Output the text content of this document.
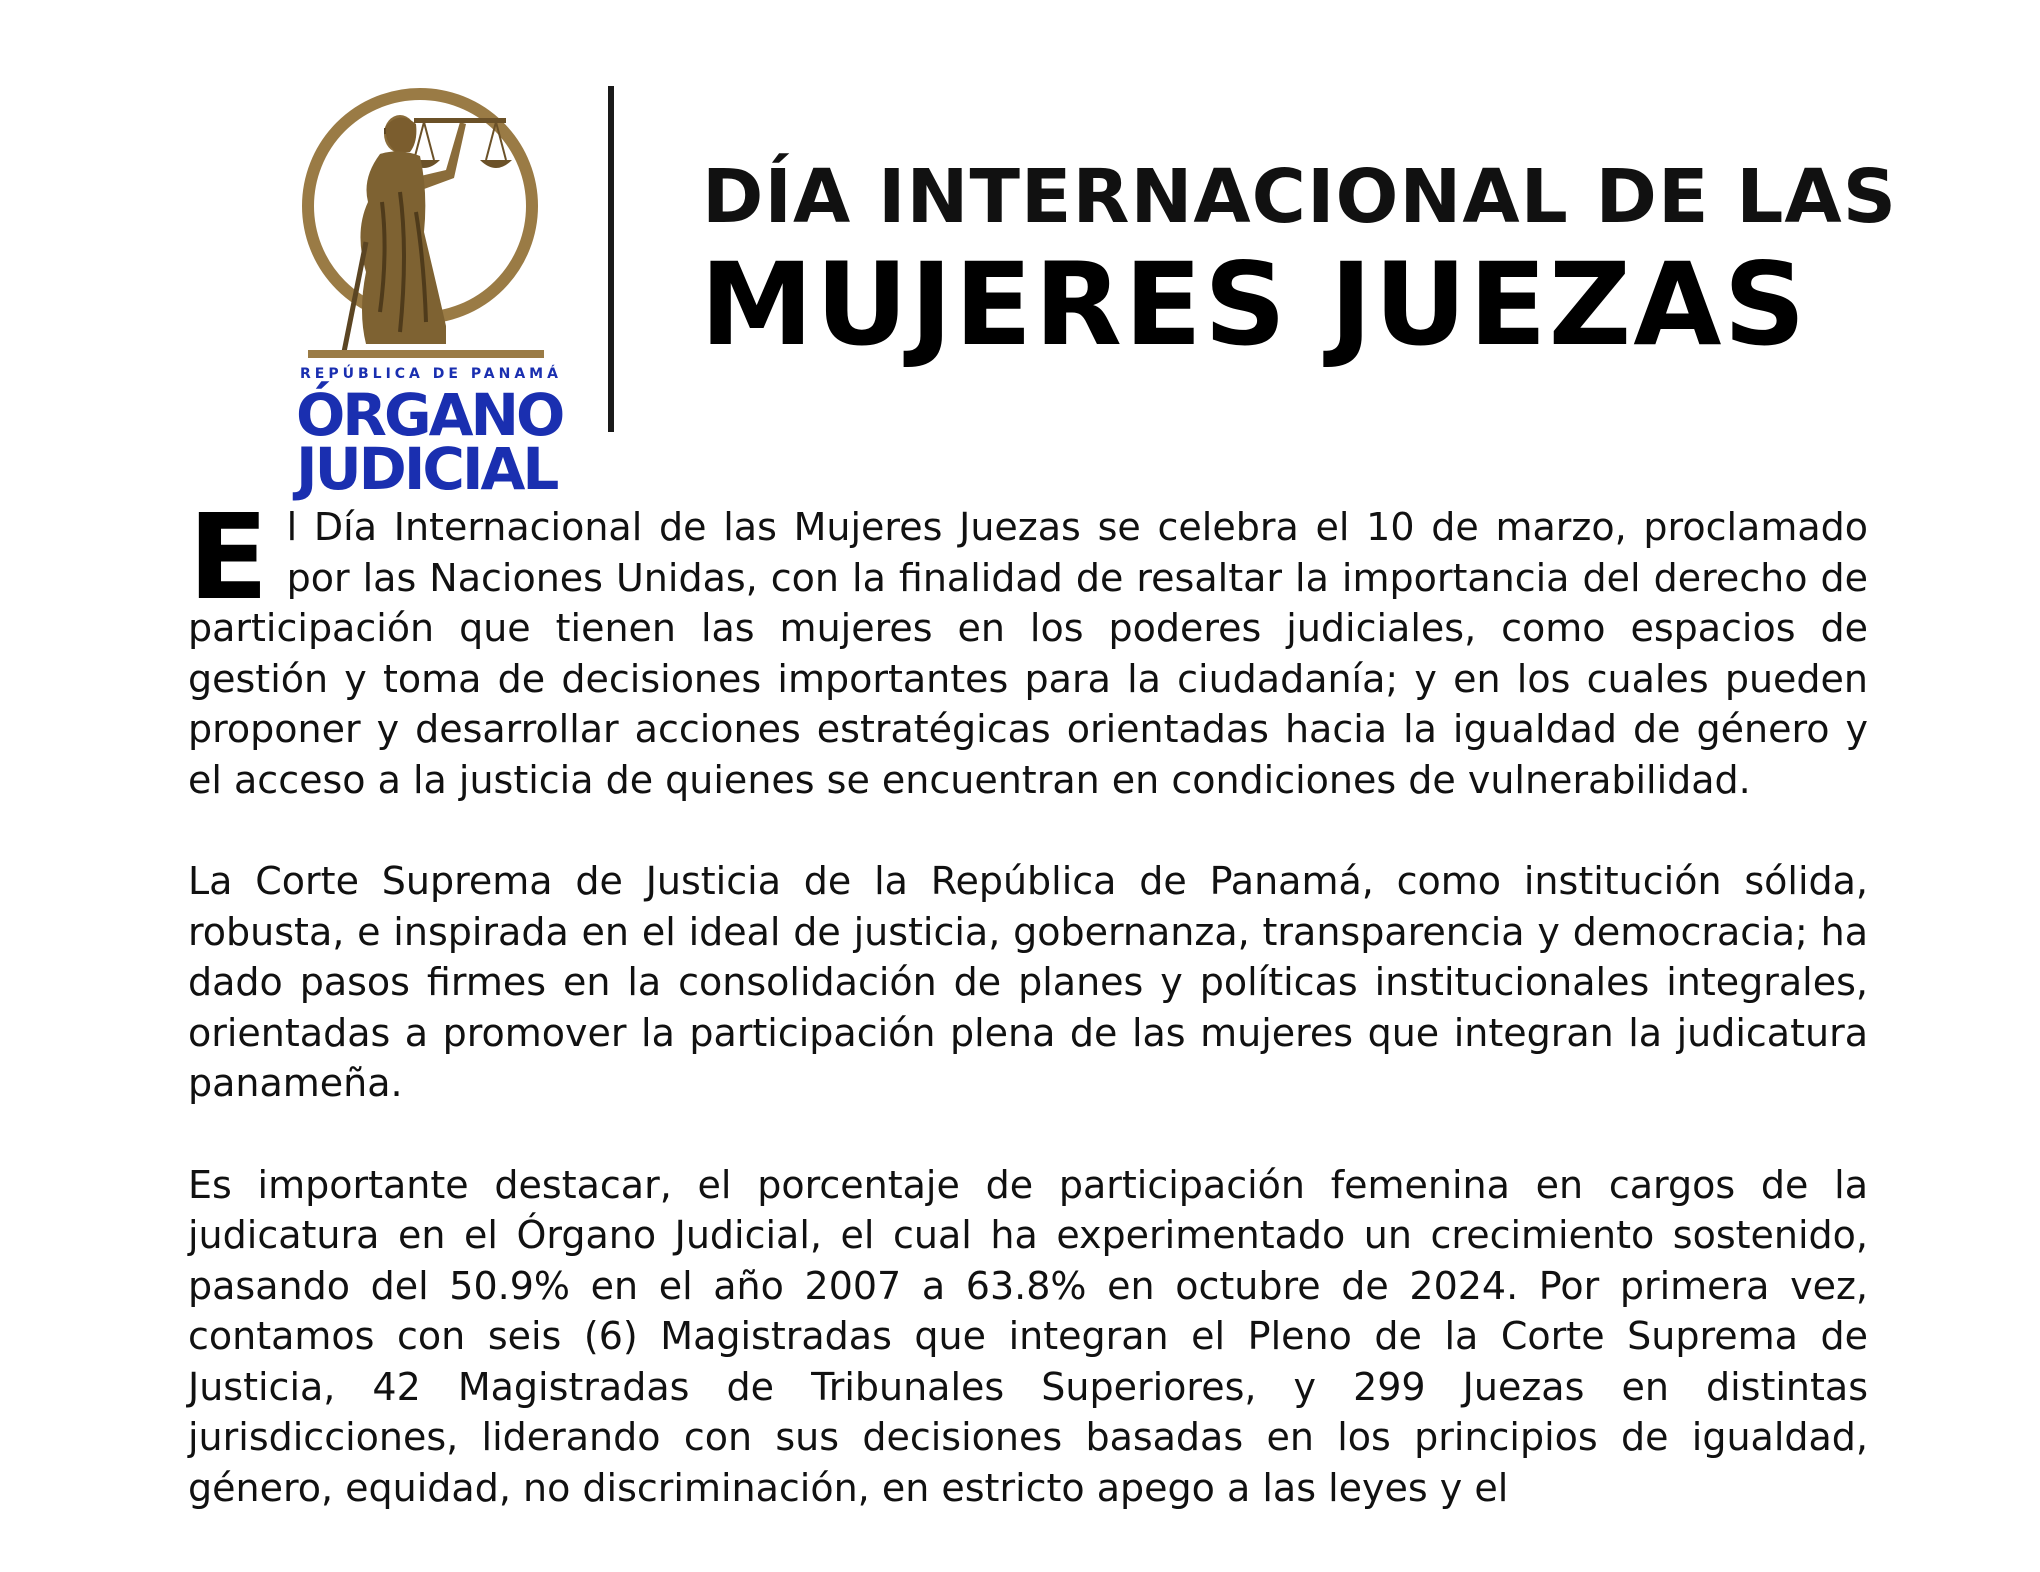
REPÚBLICA DE PANAMÁ
ÓRGANO
JUDICIAL
DÍA INTERNACIONAL DE LAS
MUJERES JUEZAS

El Día Internacional de las Mujeres Juezas se celebra el 10 de marzo, proclamado por las Naciones Unidas, con la finalidad de resaltar la importancia del derecho de participación que tienen las mujeres en los poderes judiciales, como espacios de gestión y toma de decisiones importantes para la ciudadanía; y en los cuales pueden proponer y desarrollar acciones estratégicas orientadas hacia la igualdad de género y el acceso a la justicia de quienes se encuentran en condiciones de vulnerabilidad.

La Corte Suprema de Justicia de la República de Panamá, como institución sólida, robusta, e inspirada en el ideal de justicia, gobernanza, transparencia y democracia; ha dado pasos firmes en la consolidación de planes y políticas institucionales integrales, orientadas a promover la participación plena de las mujeres que integran la judicatura panameña.

Es importante destacar, el porcentaje de participación femenina en cargos de la judicatura en el Órgano Judicial, el cual ha experimentado un crecimiento sostenido, pasando del 50.9% en el año 2007 a 63.8% en octubre de 2024. Por primera vez, contamos con seis (6) Magistradas que integran el Pleno de la Corte Suprema de Justicia, 42 Magistradas de Tribunales Superiores, y 299 Juezas en distintas jurisdicciones, liderando con sus decisiones basadas en los principios de igualdad, género, equidad, no discriminación, en estricto apego a las leyes y el
